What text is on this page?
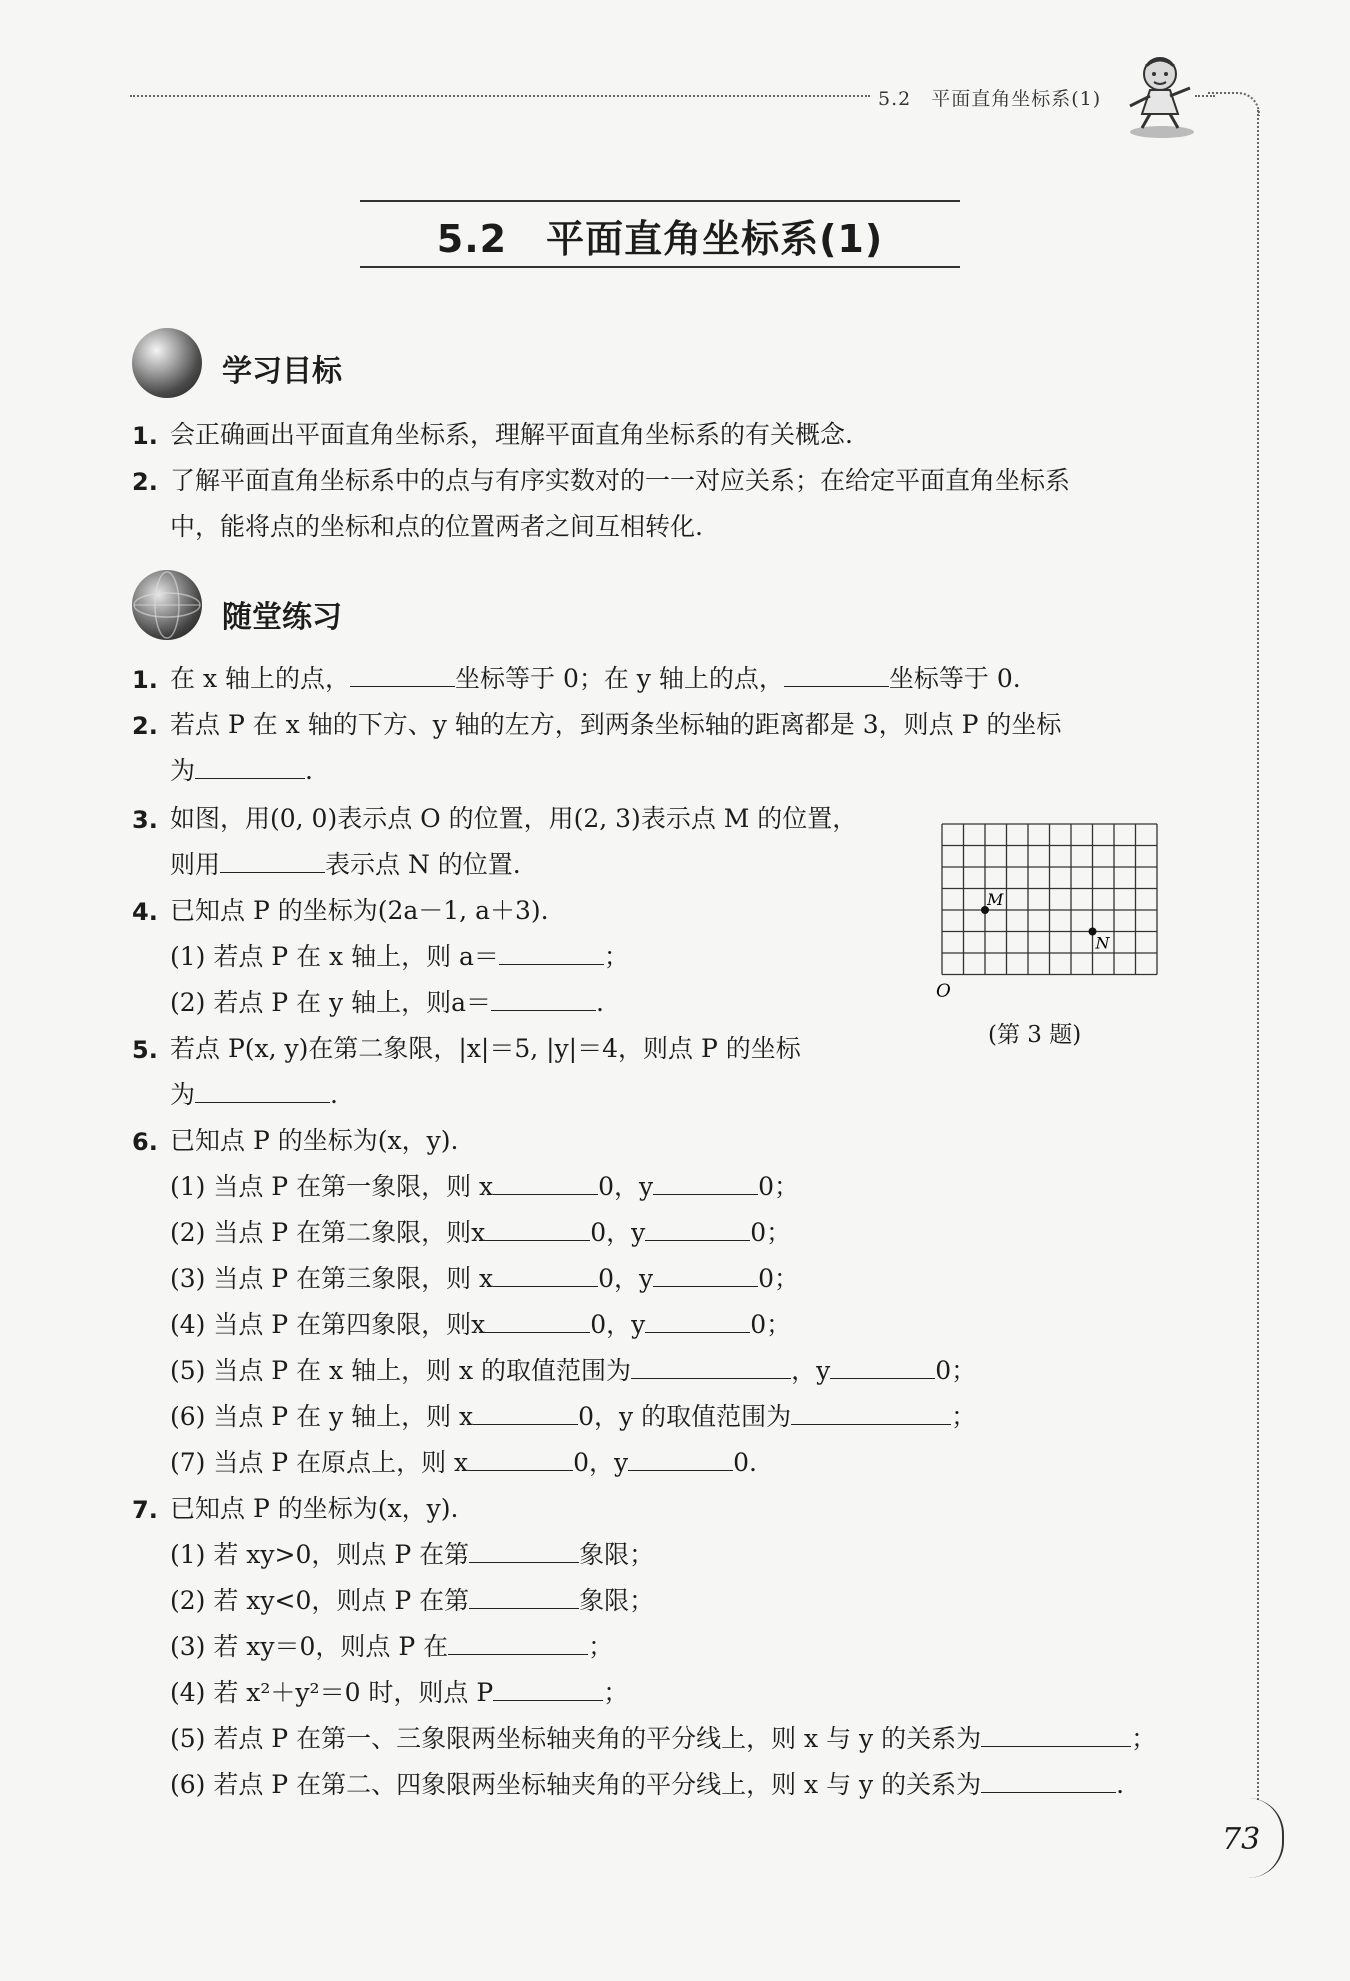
5.2　平面直角坐标系(1)
5.2　平面直角坐标系(1)
学习目标
1. 会正确画出平面直角坐标系，理解平面直角坐标系的有关概念.
2. 了解平面直角坐标系中的点与有序实数对的一一对应关系；在给定平面直角坐标系
中，能将点的坐标和点的位置两者之间互相转化.
随堂练习
1. 在 x 轴上的点，	坐标等于 0；在 y 轴上的点，	坐标等于 0.
2. 若点 P 在 x 轴的下方、y 轴的左方，到两条坐标轴的距离都是 3，则点 P 的坐标
为	.
3. 如图，用(0, 0)表示点 O 的位置，用(2, 3)表示点 M 的位置，
则用	表示点 N 的位置.
M
N
O
(第 3 题)
4. 已知点 P 的坐标为(2a－1, a＋3).
(1) 若点 P 在 x 轴上，则 a＝	；
(2) 若点 P 在 y 轴上，则a＝	.
5. 若点 P(x, y)在第二象限，|x|＝5, |y|＝4，则点 P 的坐标
为	.
6. 已知点 P 的坐标为(x，y).
(1) 当点 P 在第一象限，则 x	0，y	0；
(2) 当点 P 在第二象限，则x	0，y	0；
(3) 当点 P 在第三象限，则 x	0，y	0；
(4) 当点 P 在第四象限，则x	0，y	0；
(5) 当点 P 在 x 轴上，则 x 的取值范围为	，y	0；
(6) 当点 P 在 y 轴上，则 x	0，y 的取值范围为	；
(7) 当点 P 在原点上，则 x	0，y	0.
7. 已知点 P 的坐标为(x，y).
(1) 若 xy>0，则点 P 在第	象限；
(2) 若 xy<0，则点 P 在第	象限；
(3) 若 xy＝0，则点 P 在	；
(4) 若 x²＋y²＝0 时，则点 P	；
(5) 若点 P 在第一、三象限两坐标轴夹角的平分线上，则 x 与 y 的关系为	；
(6) 若点 P 在第二、四象限两坐标轴夹角的平分线上，则 x 与 y 的关系为	.
73
